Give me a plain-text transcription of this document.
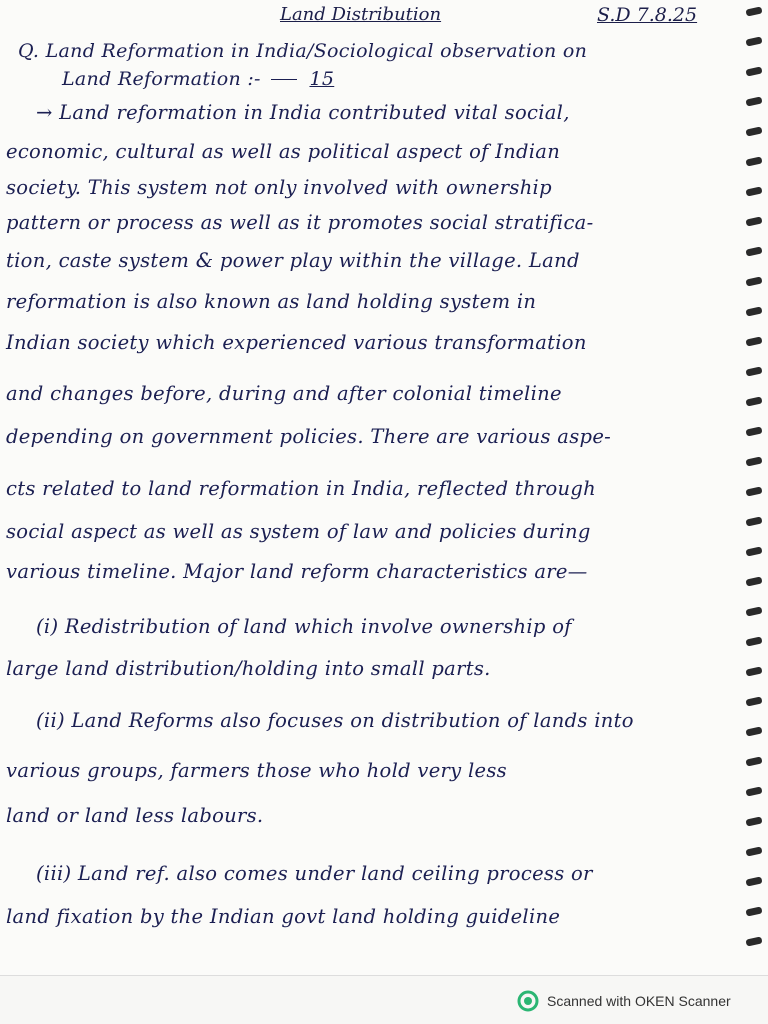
Land Distribution	S.D 7.8.25
Q. Land Reformation in India/Sociological observation on
Land Reformation :-	15
→ Land reformation in India contributed vital social,
economic, cultural as well as political aspect of Indian
society. This system not only involved with ownership
pattern or process as well as it promotes social stratifica-
tion, caste system & power play within the village. Land
reformation is also known as land holding system in
Indian society which experienced various transformation
and changes before, during and after colonial timeline
depending on government policies. There are various aspe-
cts related to land reformation in India, reflected through
social aspect as well as system of law and policies during
various timeline. Major land reform characteristics are—
(i) Redistribution of land which involve ownership of
large land distribution/holding into small parts.
(ii) Land Reforms also focuses on distribution of lands into
various groups, farmers those who hold very less
land or land less labours.
(iii) Land ref. also comes under land ceiling process or
land fixation by the Indian govt land holding guideline
Scanned with OKEN Scanner
